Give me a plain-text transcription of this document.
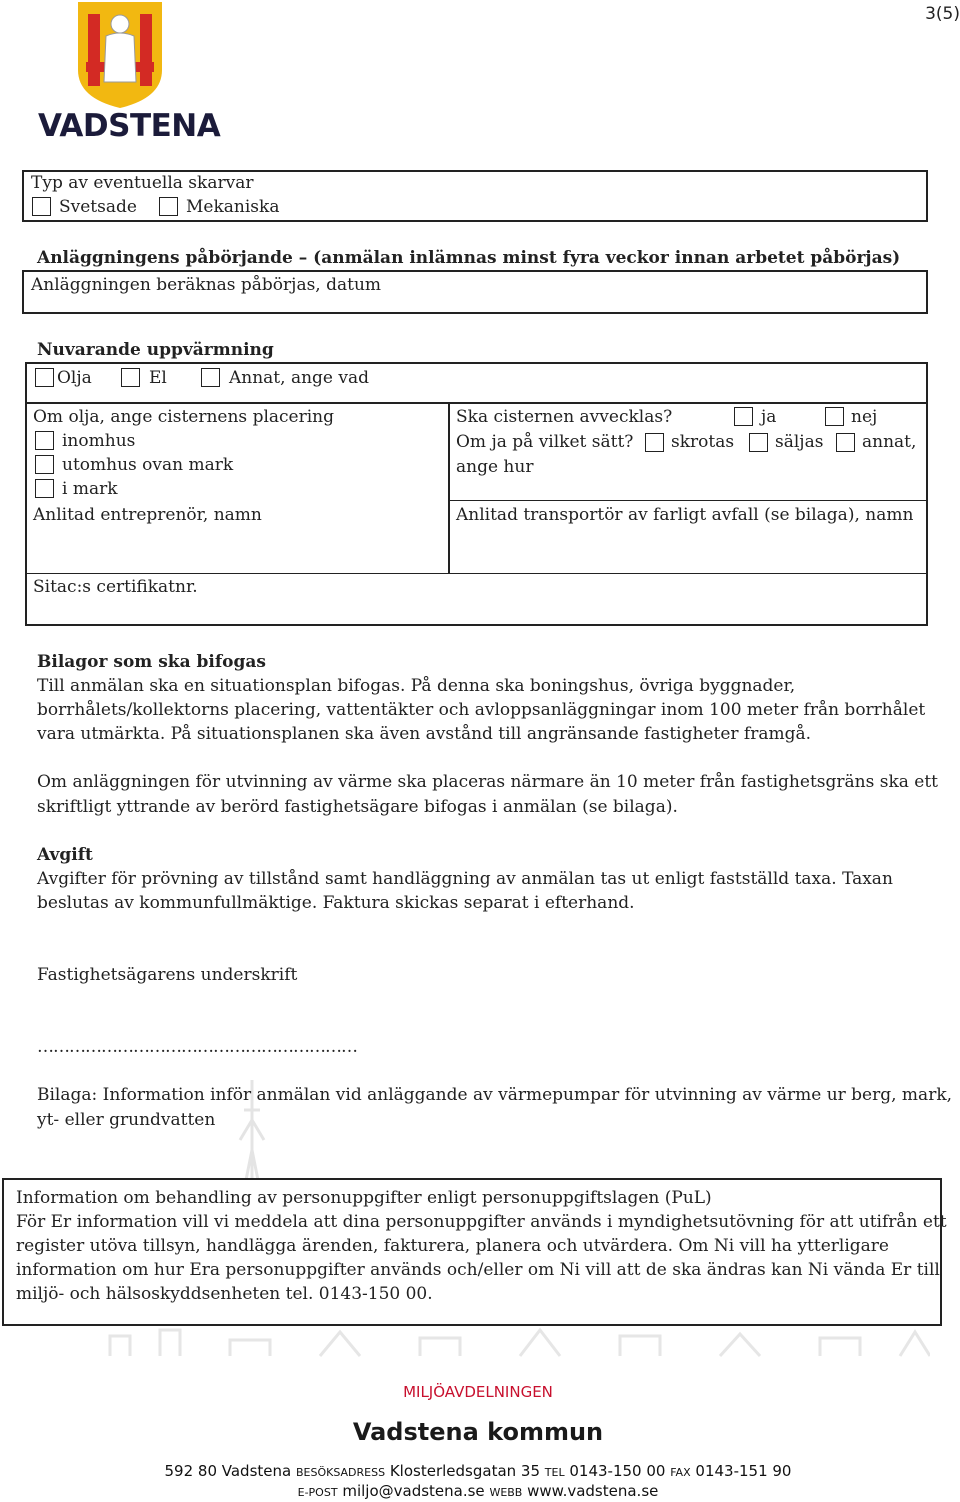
3(5)
VADSTENA
Typ av eventuella skarvar
Svetsade	Mekaniska
Anläggningens påbörjande – (anmälan inlämnas minst fyra veckor innan arbetet påbörjas)
Anläggningen beräknas påbörjas, datum
Nuvarande uppvärmning
Olja	El	Annat, ange vad
Om olja, ange cisternens placering
inomhus
utomhus ovan mark
i mark
Anlitad entreprenör, namn
Ska cisternen avvecklas?	ja	nej
Om ja på vilket sätt? skrotas säljas annat,
ange hur
Anlitad transportör av farligt avfall (se bilaga), namn
Sitac:s certifikatnr.
Bilagor som ska bifogas
Till anmälan ska en situationsplan bifogas. På denna ska boningshus, övriga byggnader,
borrhålets/kollektorns placering, vattentäkter och avloppsanläggningar inom 100 meter från borrhålet
vara utmärkta. På situationsplanen ska även avstånd till angränsande fastigheter framgå.
Om anläggningen för utvinning av värme ska placeras närmare än 10 meter från fastighetsgräns ska ett
skriftligt yttrande av berörd fastighetsägare bifogas i anmälan (se bilaga).
Avgift
Avgifter för prövning av tillstånd samt handläggning av anmälan tas ut enligt fastställd taxa. Taxan
beslutas av kommunfullmäktige. Faktura skickas separat i efterhand.
Fastighetsägarens underskrift
……………………………………………………
Bilaga: Information inför anmälan vid anläggande av värmepumpar för utvinning av värme ur berg, mark,
yt- eller grundvatten
Information om behandling av personuppgifter enligt personuppgiftslagen (PuL)
För Er information vill vi meddela att dina personuppgifter används i myndighetsutövning för att utifrån ett
register utöva tillsyn, handlägga ärenden, fakturera, planera och utvärdera. Om Ni vill ha ytterligare
information om hur Era personuppgifter används och/eller om Ni vill att de ska ändras kan Ni vända Er till
miljö- och hälsoskyddsenheten tel. 0143-150 00.
MILJÖAVDELNINGEN
Vadstena kommun
592 80 Vadstena BESÖKSADRESS Klosterledsgatan 35 TEL 0143-150 00 FAX 0143-151 90
E-POST miljo@vadstena.se WEBB www.vadstena.se
